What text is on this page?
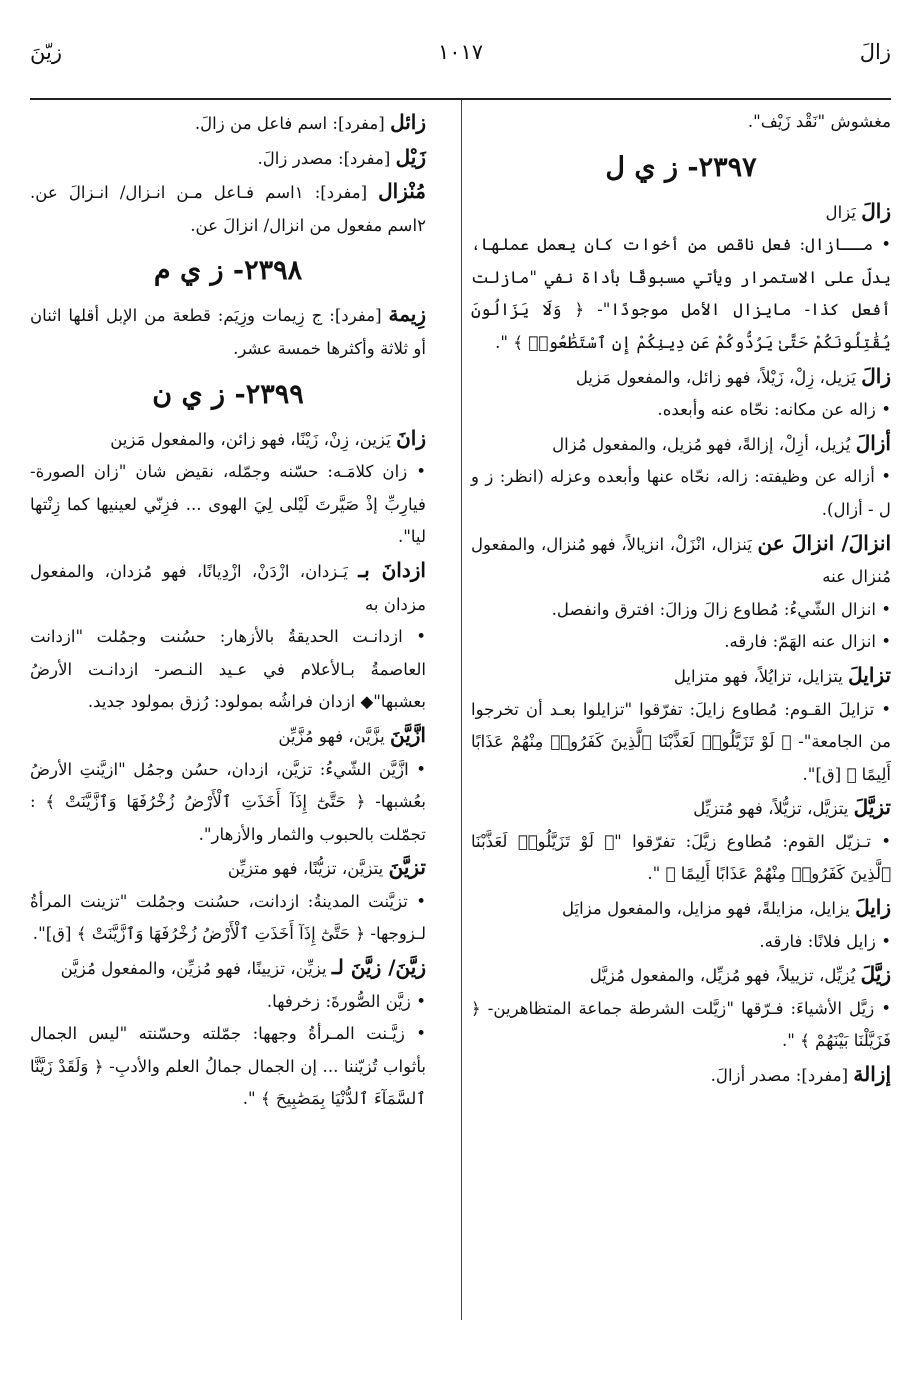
زالَ
١٠١٧
زيّنَ

مغشوش "نَقْد زَيْف".

٢٣٩٧- ز ي ل

زالَ يَزال

• مــازال: فعل ناقص من أخوات كان يعمل عملها، يدلّ على الاستمرار ويأتي مسبوقًا بأداة نفي "مازلت أفعل كذا- مايزال الأمل موجودًا"- ﴿ وَلَا يَزَالُونَ يُقَٰتِلُونَكُمْ حَتَّىٰ يَرُدُّوكُمْ عَن دِينِكُمْ إِنِ ٱسْتَطَٰعُوا۟ ﴾ ".

زالَ يَزيل، زِلْ، زَيْلاً، فهو زائل، والمفعول مَزيل

• زاله عن مكانه: نحّاه عنه وأبعده.

أزالَ يُزيل، أزِلْ، إزالةً، فهو مُزيل، والمفعول مُزال

• أزاله عن وظيفته: زاله، نحّاه عنها وأبعده وعزله (انظر: ز و ل - أزال).

انزالَ/ انزالَ عن يَنزال، انْزَلْ، انزيالاً، فهو مُنزال، والمفعول مُنزال عنه

• انزال الشّيءُ: مُطاوع زالَ وزالَ: افترق وانفصل.

• انزال عنه الهَمّ: فارقه.

تزايلَ يتزايل، تزايُلاً، فهو متزايل

• تزايلَ القـوم: مُطاوع زايلَ: تفرّقوا "تزايلوا بعـد أن تخرجوا من الجامعة"- ﴿ لَوْ تَزَيَّلُوا۟ لَعَذَّبْنَا ٱلَّذِينَ كَفَرُوا۟ مِنْهُمْ عَذَابًا أَلِيمًا ﴾ [ق]".

تزيَّلَ يتزيَّل، تزيُّلاً، فهو مُتزيِّل

• تـزيّل القوم: مُطاوع زيَّلَ: تفرّقوا "﴿ لَوْ تَزَيَّلُوا۟ لَعَذَّبْنَا ٱلَّذِينَ كَفَرُوا۟ مِنْهُمْ عَذَابًا أَلِيمًا ﴾ ".

زايلَ يزايل، مزايلةً، فهو مزايل، والمفعول مزايَل

• زايل فلانًا: فارقه.

زيَّلَ يُزيِّل، تزييلاً، فهو مُزيِّل، والمفعول مُزيَّل

• زيَّل الأشياءَ: فـرّقها "زيَّلت الشرطة جماعة المتظاهرين- ﴿ فَزَيَّلْنَا بَيْنَهُمْ ﴾ ".

إزالة [مفرد]: مصدر أزالَ.

زائل [مفرد]: اسم فاعل من زالَ.

زَيْل [مفرد]: مصدر زالَ.

مُنْزال [مفرد]: ١اسم فـاعل مـن انـزال/ انـزالَ عن. ٢اسم مفعول من انزال/ انزالَ عن.

٢٣٩٨- ز ي م

زِيمة [مفرد]: ج زِيمات وزِيَم: قطعة من الإبل أقلها اثنان أو ثلاثة وأكثرها خمسة عشر.

٢٣٩٩- ز ي ن

زانَ يَزين، زِنْ، زَيْنًا، فهو زائن، والمفعول مَزين

• زان كلامَـه: حسّنه وجمّله، نقيض شان "زان الصورة- فيارِبِّ إذْ صَيَّرتَ لَيْلى لِيَ الهوى ... فزِنّي لعينيها كما زِنْتها ليا".

ازدانَ بـ يَـزدان، ازْدَنْ، ازْدِيانًا، فهو مُزدان، والمفعول مزدان به

• ازدانـت الحديقةُ بالأزهار: حسُنت وجمُلت "ازدانت العاصمةُ بـالأعلام في عـيد النـصر- ازدانـت الأرضُ بعشبها"◆ ازدان فراشُه بمولود: رُزق بمولود جديد.

ازَّيَّنَ يزَّيَّن، فهو مُزَّيِّن

• ازَّيَّن الشّيءُ: تزيَّن، ازدان، حسُن وجمُل "ازيَّنتِ الأرضُ بعُشبها- ﴿ حَتَّىٰٓ إِذَآ أَخَذَتِ ٱلْأَرْضُ زُخْرُفَهَا وَٱزَّيَّنَتْ ﴾ : تجمّلت بالحبوب والثمار والأزهار".

تزيَّنَ يتزيَّن، تزيُّنًا، فهو متزيِّن

• تزيَّنت المدينةُ: ازدانت، حسُنت وجمُلت "تزينت المرأةُ لـزوجها- ﴿ حَتَّىٰٓ إِذَآ أَخَذَتِ ٱلْأَرْضُ زُخْرُفَهَا وَٱزَّيَّنَتْ ﴾ [ق]".

زيَّنَ/ زيَّنَ لـ يزيِّن، تزيينًا، فهو مُزيِّن، والمفعول مُزيَّن

• زيَّن الصُّورةَ: زخرفها.

• زيَّـنت المـرأةُ وجهها: جمّلته وحسّنته "ليس الجمال بأثواب تُزيّننا ... إن الجمال جمالُ العلم والأدبِ- ﴿ وَلَقَدْ زَيَّنَّا ٱلسَّمَآءَ ٱلدُّنْيَا بِمَصَٰبِيحَ ﴾ ".
